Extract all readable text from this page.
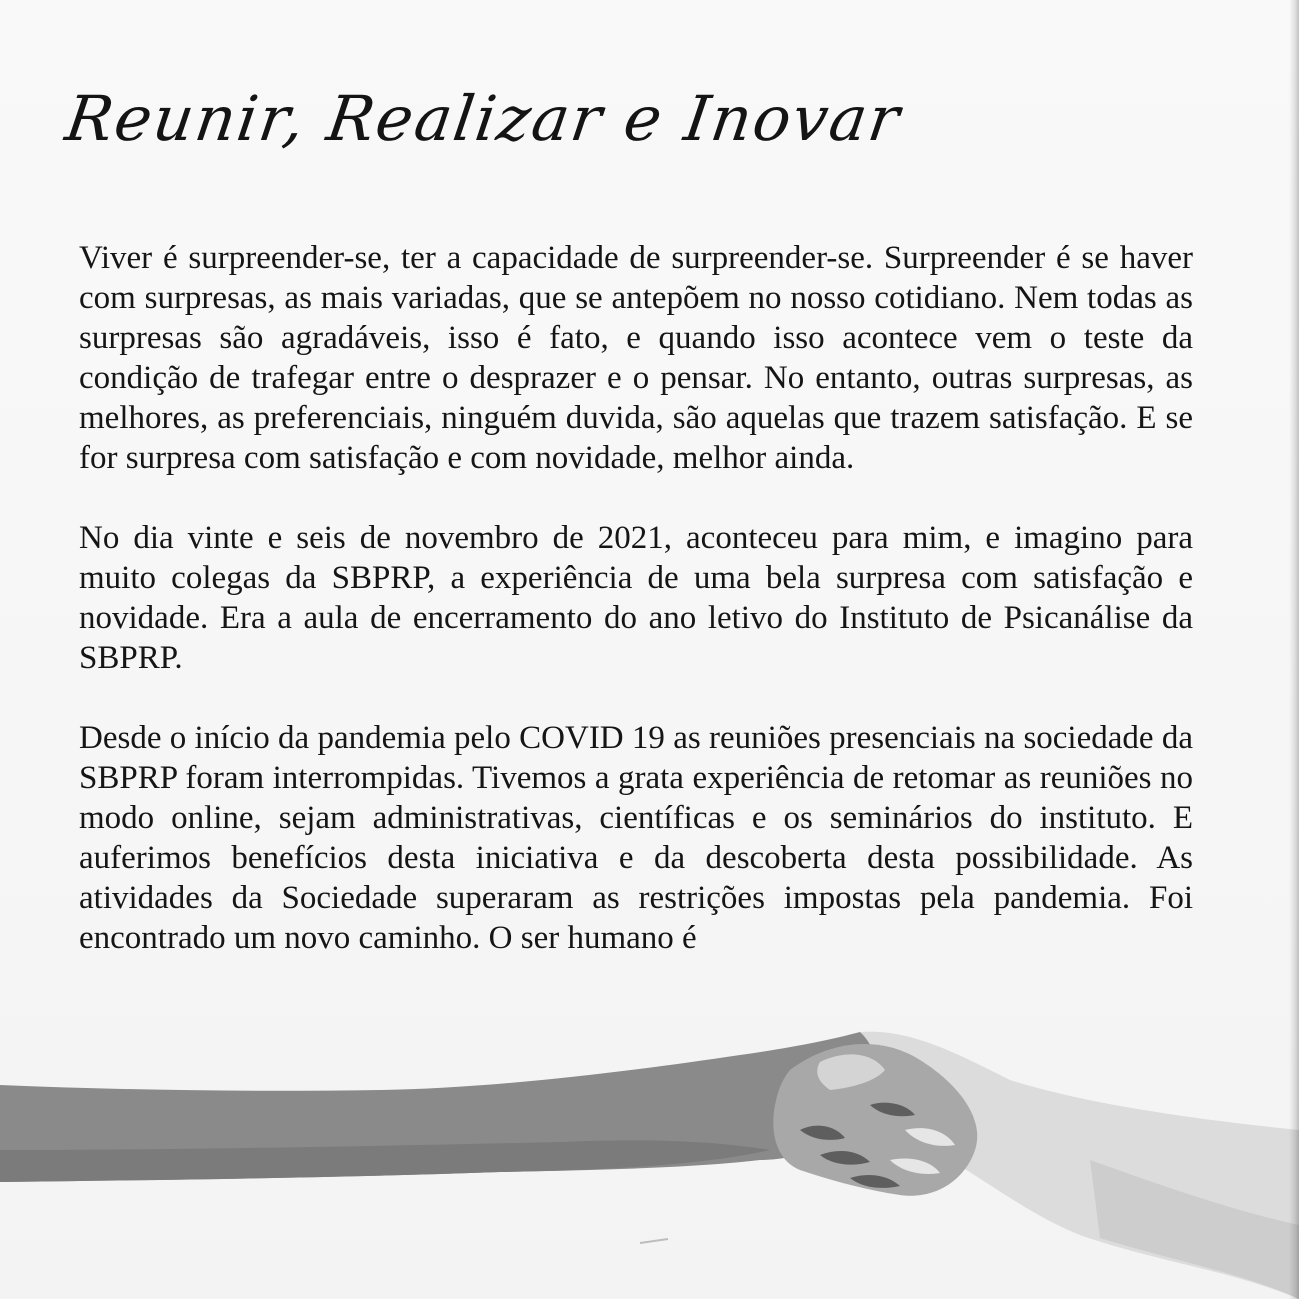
Reunir, Realizar e Inovar

Viver é surpreender-se, ter a capacidade de surpreender-se. Surpreender é se haver com surpresas, as mais variadas, que se antepõem no nosso cotidiano. Nem todas as surpresas são agradáveis, isso é fato, e quando isso acontece vem o teste da condição de trafegar entre o desprazer e o pensar. No entanto, outras surpresas, as melhores, as preferenciais, ninguém duvida, são aquelas que trazem satisfação. E se for surpresa com satisfação e com novidade, melhor ainda.

No dia vinte e seis de novembro de 2021, aconteceu para mim, e imagino para muito colegas da SBPRP, a experiência de uma bela surpresa com satisfação e novidade. Era a aula de encerramento do ano letivo do Instituto de Psicanálise da SBPRP.

Desde o início da pandemia pelo COVID 19 as reuniões presenciais na sociedade da SBPRP foram interrompidas. Tivemos a grata experiência de retomar as reuniões no modo online, sejam administrativas, científicas e os seminários do instituto. E auferimos benefícios desta iniciativa e da descoberta desta possibilidade. As atividades da Sociedade superaram as restrições impostas pela pandemia. Foi encontrado um novo caminho. O ser humano é
